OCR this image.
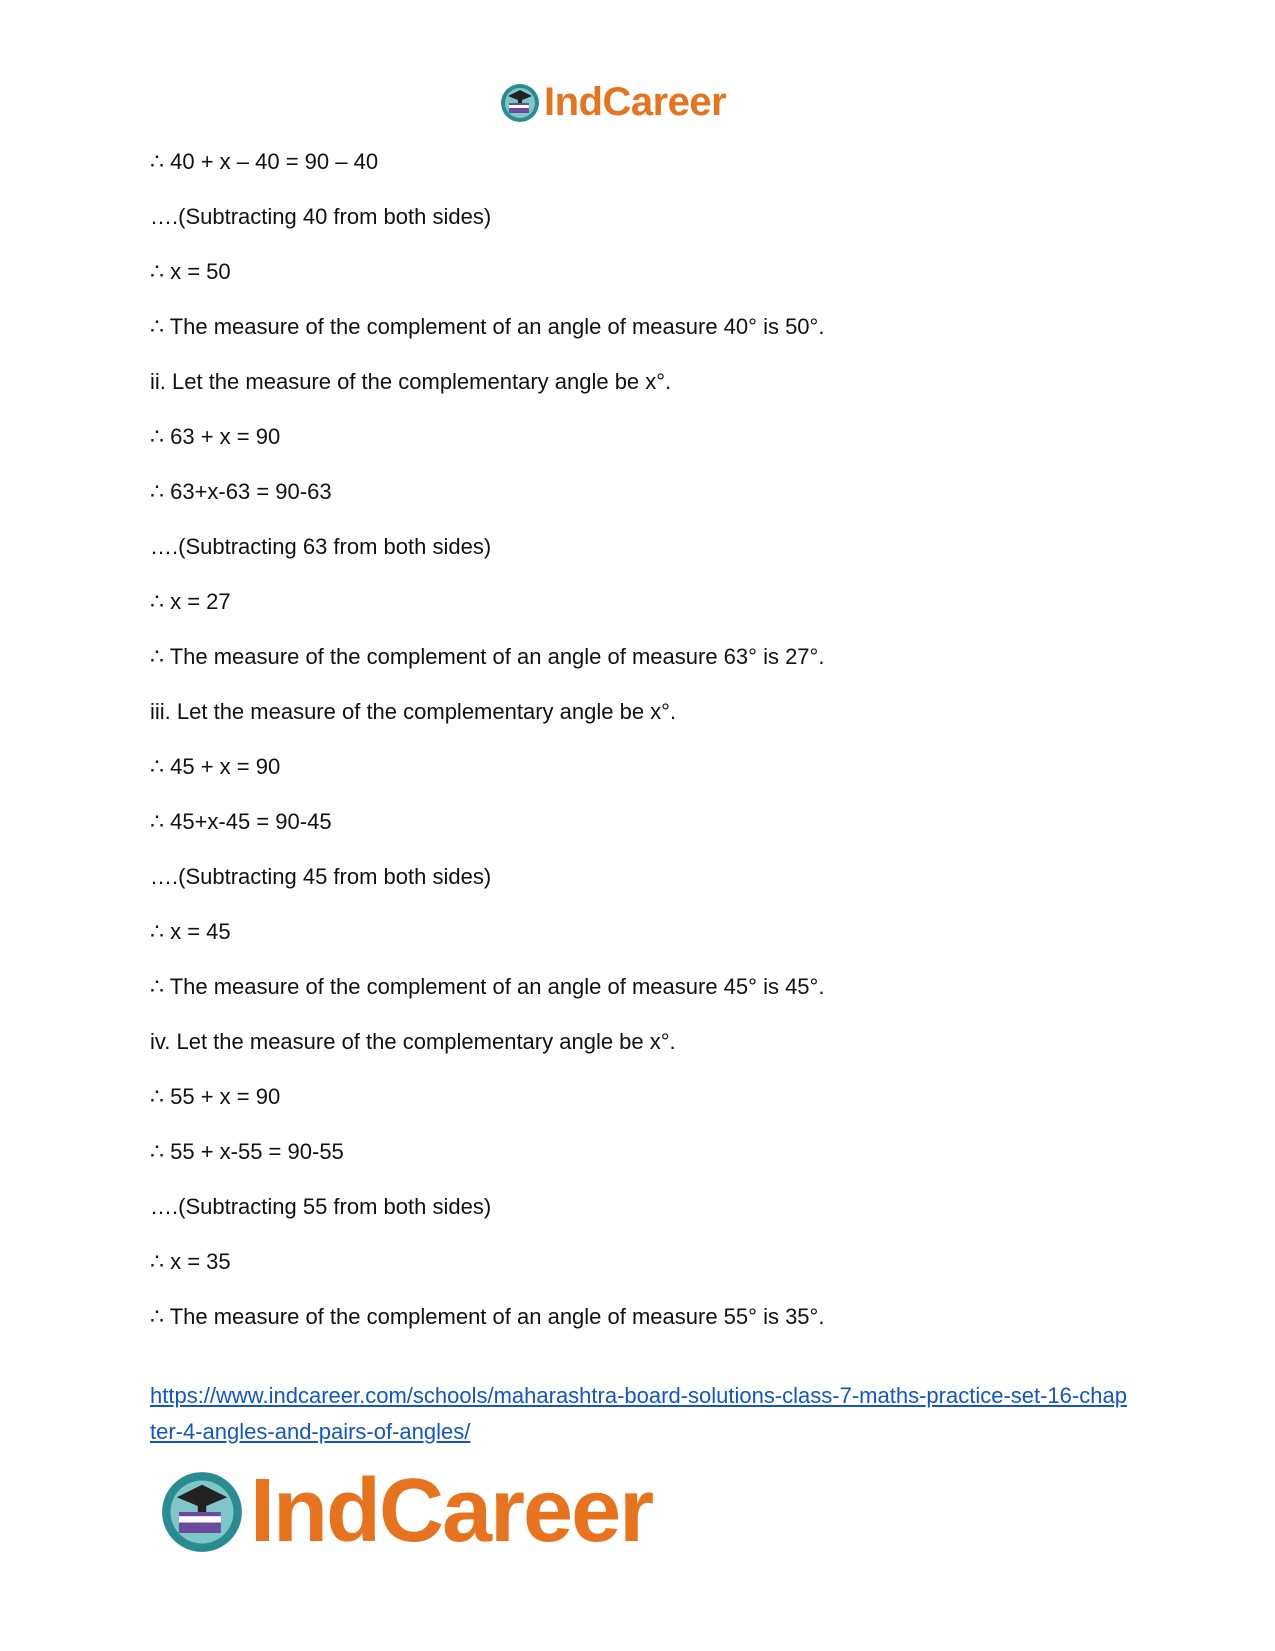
IndCareer
∴ 40 + x – 40 = 90 – 40
….(Subtracting 40 from both sides)
∴ x = 50
∴ The measure of the complement of an angle of measure 40° is 50°.
ii. Let the measure of the complementary angle be x°.
∴ 63 + x = 90
∴ 63+x-63 = 90-63
….(Subtracting 63 from both sides)
∴ x = 27
∴ The measure of the complement of an angle of measure 63° is 27°.
iii. Let the measure of the complementary angle be x°.
∴ 45 + x = 90
∴ 45+x-45 = 90-45
….(Subtracting 45 from both sides)
∴ x = 45
∴ The measure of the complement of an angle of measure 45° is 45°.
iv. Let the measure of the complementary angle be x°.
∴ 55 + x = 90
∴ 55 + x-55 = 90-55
….(Subtracting 55 from both sides)
∴ x = 35
∴ The measure of the complement of an angle of measure 55° is 35°.
https://www.indcareer.com/schools/maharashtra-board-solutions-class-7-maths-practice-set-16-chapter-4-angles-and-pairs-of-angles/
IndCareer
